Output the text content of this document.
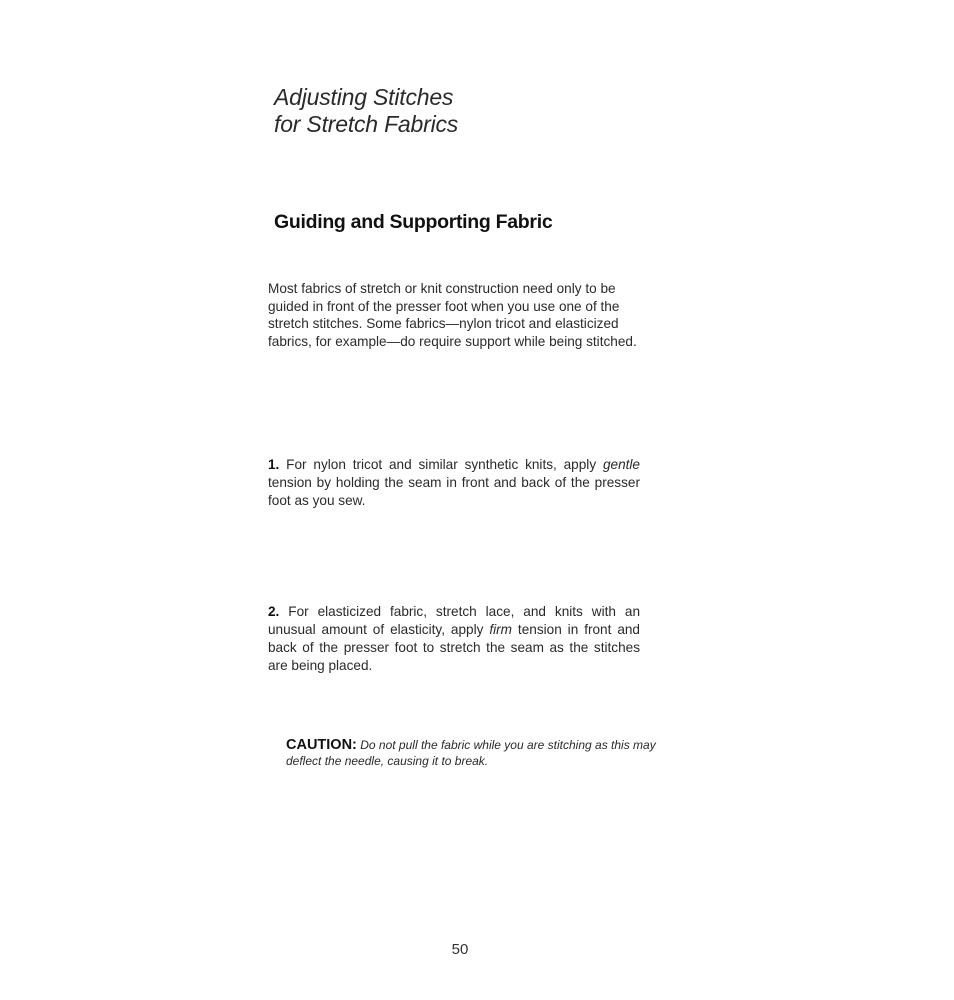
Adjusting Stitches
for Stretch Fabrics
Guiding and Supporting Fabric

Most fabrics of stretch or knit construction need only to be guided in front of the presser foot when you use one of the stretch stitches. Some fabrics—nylon tricot and elasticized fabrics, for example—do require support while being stitched.

1. For nylon tricot and similar synthetic knits, apply gentle tension by holding the seam in front and back of the presser foot as you sew.

2. For elasticized fabric, stretch lace, and knits with an unusual amount of elasticity, apply firm tension in front and back of the presser foot to stretch the seam as the stitches are being placed.

CAUTION: Do not pull the fabric while you are stitching as this may deflect the needle, causing it to break.

50
